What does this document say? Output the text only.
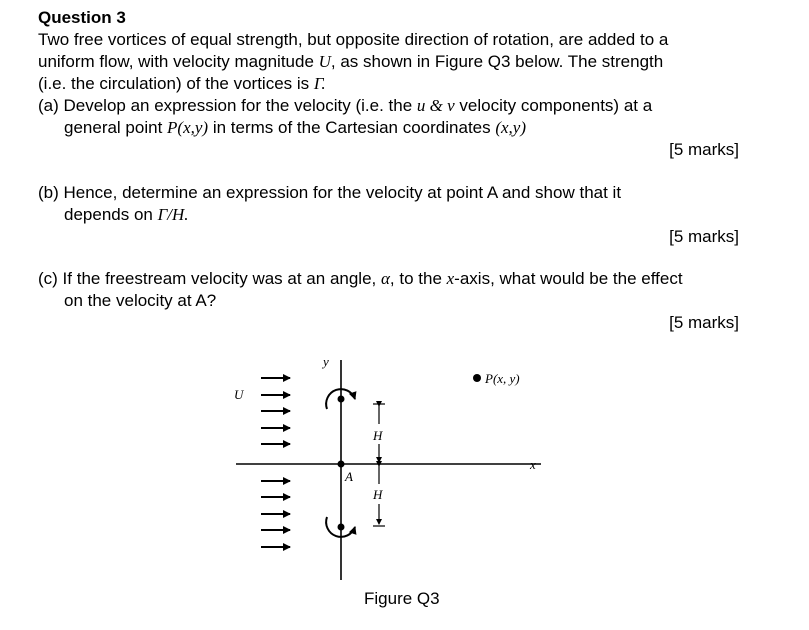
Question 3
Two free vortices of equal strength, but opposite direction of rotation, are added to a
uniform flow, with velocity magnitude U, as shown in Figure Q3 below. The strength
(i.e. the circulation) of the vortices is Γ.
(a) Develop an expression for the velocity (i.e. the u & v velocity components) at a
general point P(x,y) in terms of the Cartesian coordinates (x,y)
[5 marks]
(b) Hence, determine an expression for the velocity at point A and show that it
depends on Γ/H.
[5 marks]
(c) If the freestream velocity was at an angle, α, to the x-axis, what would be the effect
on the velocity at A?
[5 marks]
U
y
x
A
H
H
P(x, y)
Figure Q3
